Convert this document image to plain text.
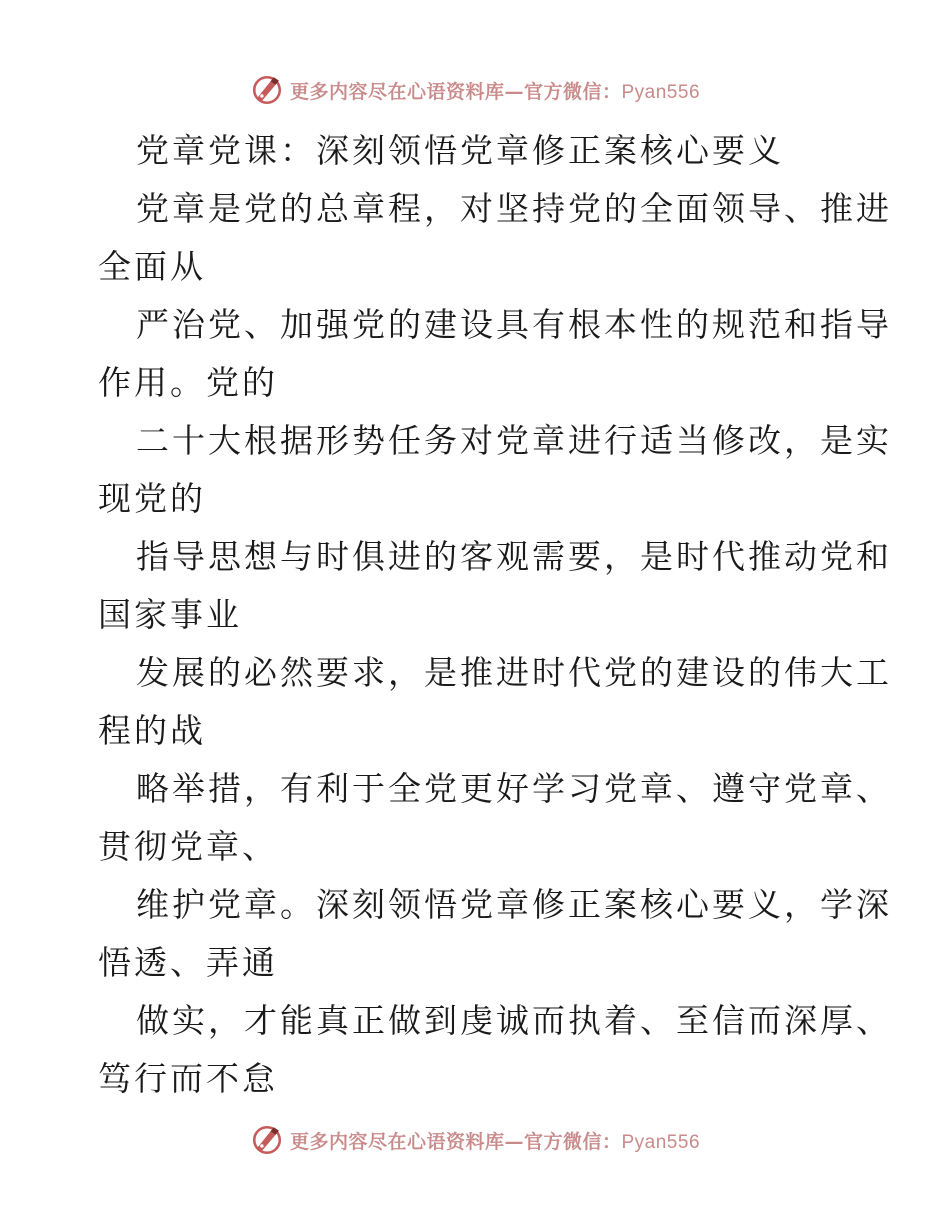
更多内容尽在心语资料库—官方微信：Pyan556
党章党课：深刻领悟党章修正案核心要义
党章是党的总章程，对坚持党的全面领导、推进
全面从
严治党、加强党的建设具有根本性的规范和指导
作用。党的
二十大根据形势任务对党章进行适当修改，是实
现党的
指导思想与时俱进的客观需要，是时代推动党和
国家事业
发展的必然要求，是推进时代党的建设的伟大工
程的战
略举措，有利于全党更好学习党章、遵守党章、
贯彻党章、
维护党章。深刻领悟党章修正案核心要义，学深
悟透、弄通
做实，才能真正做到虔诚而执着、至信而深厚、
笃行而不怠
更多内容尽在心语资料库—官方微信：Pyan556
